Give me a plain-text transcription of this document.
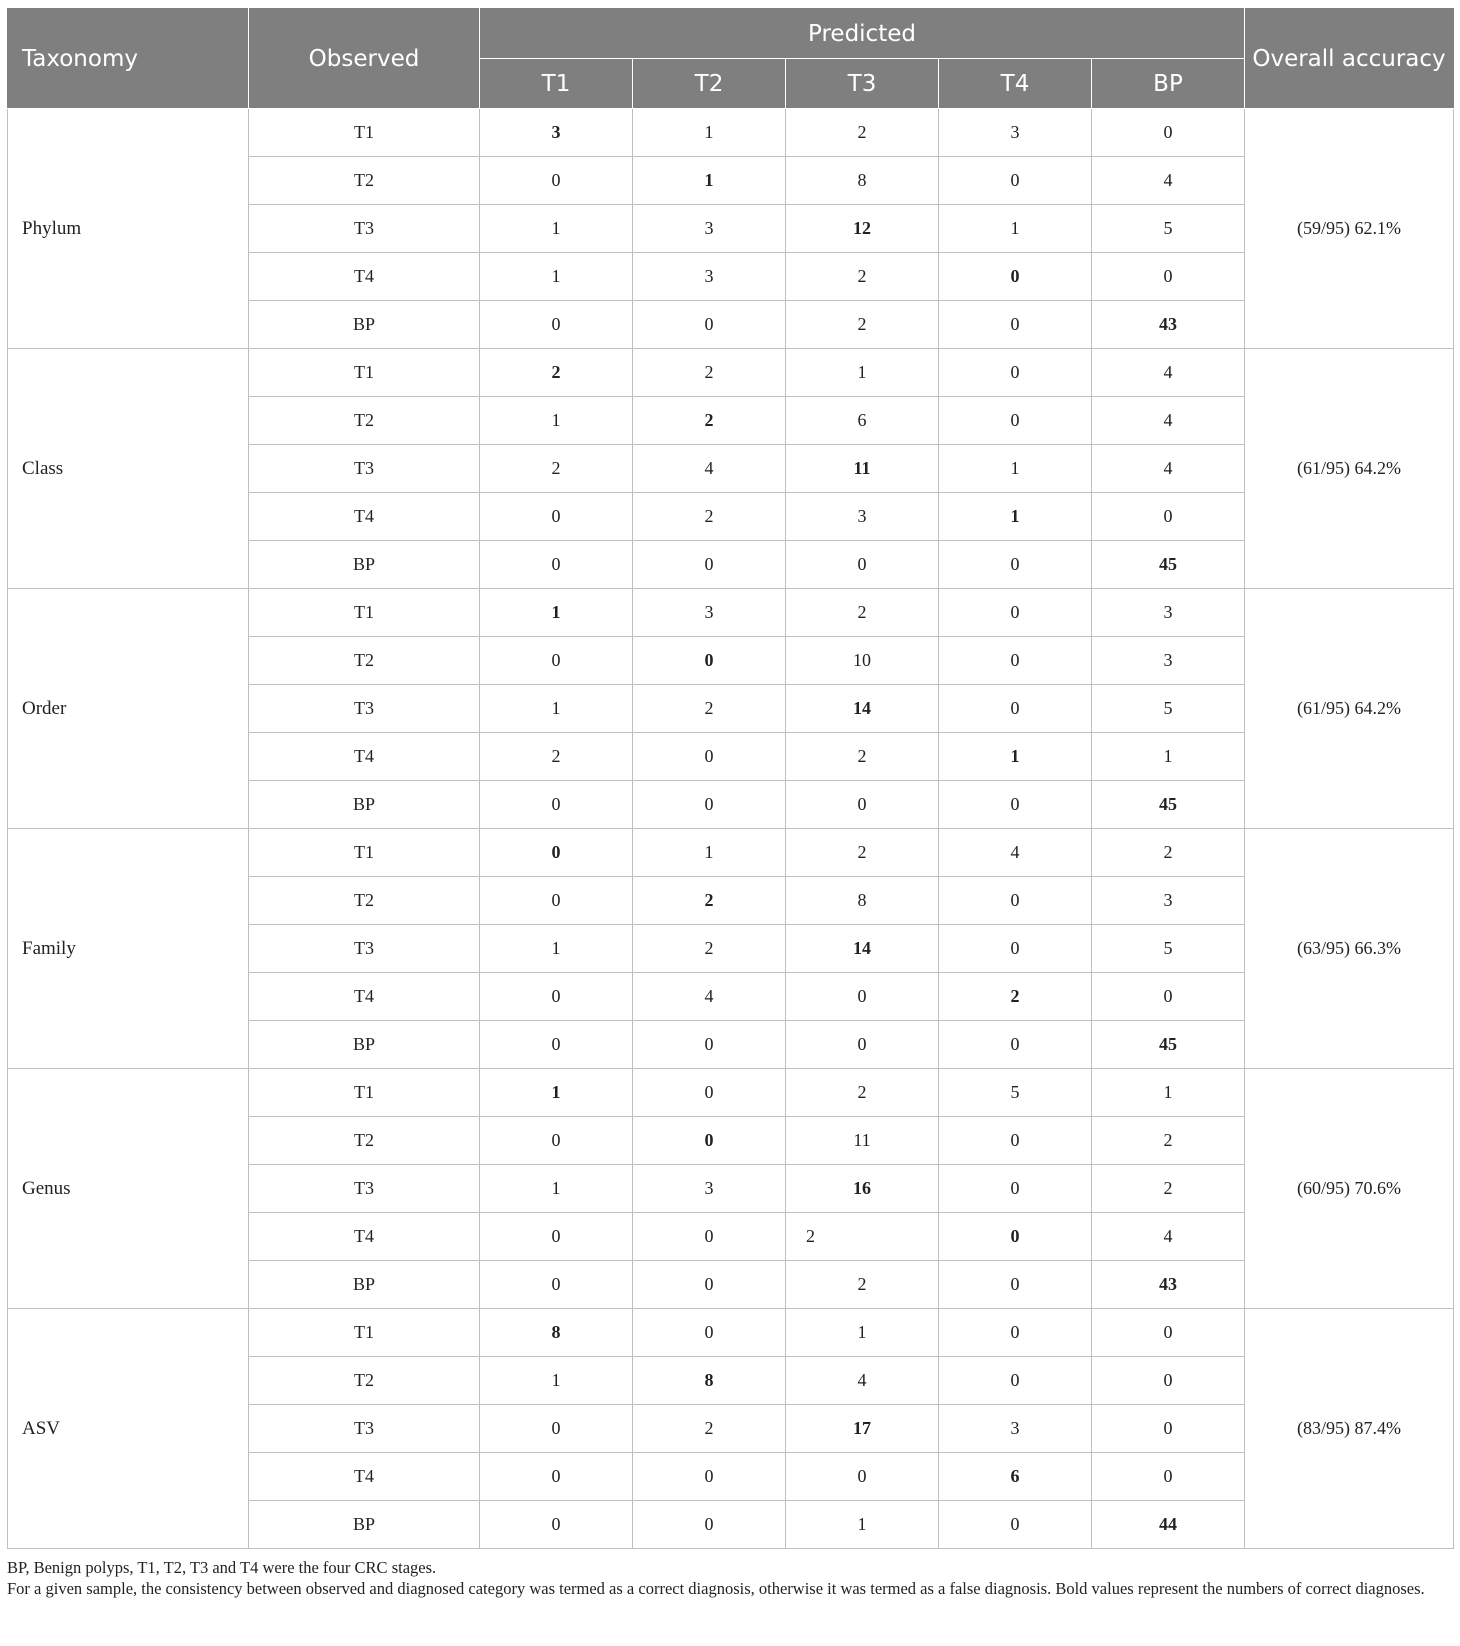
Taxonomy	Observed	Predicted					Overall accuracy
		T1	T2	T3	T4	BP	
Phylum	T1	3	1	2	3	0	(59/95) 62.1%
	T2	0	1	8	0	4	
	T3	1	3	12	1	5	
	T4	1	3	2	0	0	
	BP	0	0	2	0	43	
Class	T1	2	2	1	0	4	(61/95) 64.2%
	T2	1	2	6	0	4	
	T3	2	4	11	1	4	
	T4	0	2	3	1	0	
	BP	0	0	0	0	45	
Order	T1	1	3	2	0	3	(61/95) 64.2%
	T2	0	0	10	0	3	
	T3	1	2	14	0	5	
	T4	2	0	2	1	1	
	BP	0	0	0	0	45	
Family	T1	0	1	2	4	2	(63/95) 66.3%
	T2	0	2	8	0	3	
	T3	1	2	14	0	5	
	T4	0	4	0	2	0	
	BP	0	0	0	0	45	
Genus	T1	1	0	2	5	1	(60/95) 70.6%
	T2	0	0	11	0	2	
	T3	1	3	16	0	2	
	T4	0	0	2	0	4	
	BP	0	0	2	0	43	
ASV	T1	8	0	1	0	0	(83/95) 87.4%
	T2	1	8	4	0	0	
	T3	0	2	17	3	0	
	T4	0	0	0	6	0	
	BP	0	0	1	0	44	

BP, Benign polyps, T1, T2, T3 and T4 were the four CRC stages.

For a given sample, the consistency between observed and diagnosed category was termed as a correct diagnosis, otherwise it was termed as a false diagnosis. Bold values represent the numbers of correct diagnoses.
